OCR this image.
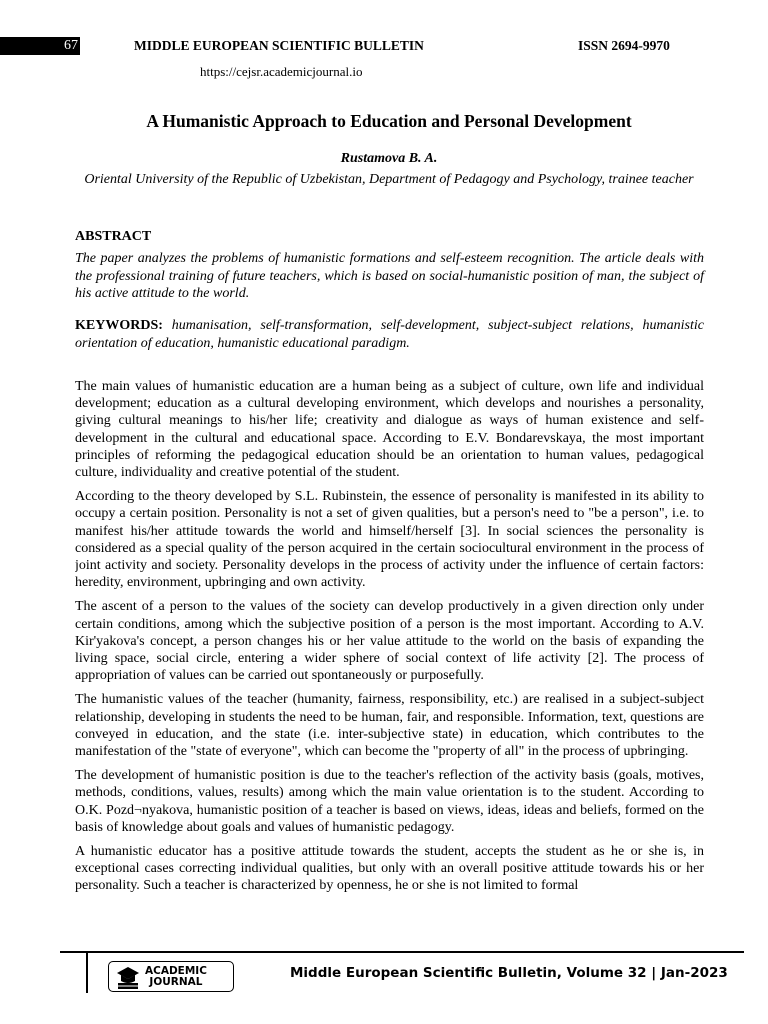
67	MIDDLE EUROPEAN SCIENTIFIC BULLETIN	ISSN 2694-9970
https://cejsr.academicjournal.io
A Humanistic Approach to Education and Personal Development
Rustamova B. A.
Oriental University of the Republic of Uzbekistan, Department of Pedagogy and Psychology, trainee teacher
ABSTRACT
The paper analyzes the problems of humanistic formations and self-esteem recognition. The article deals with the professional training of future teachers, which is based on social-humanistic position of man, the subject of his active attitude to the world.
KEYWORDS: humanisation, self-transformation, self-development, subject-subject relations, humanistic orientation of education, humanistic educational paradigm.

The main values of humanistic education are a human being as a subject of culture, own life and individual development; education as a cultural developing environment, which develops and nourishes a personality, giving cultural meanings to his/her life; creativity and dialogue as ways of human existence and self-development in the cultural and educational space. According to E.V. Bondarevskaya, the most important principles of reforming the pedagogical education should be an orientation to human values, pedagogical culture, individuality and creative potential of the student.

According to the theory developed by S.L. Rubinstein, the essence of personality is manifested in its ability to occupy a certain position. Personality is not a set of given qualities, but a person's need to "be a person", i.e. to manifest his/her attitude towards the world and himself/herself [3]. In social sciences the personality is considered as a special quality of the person acquired in the certain sociocultural environment in the process of joint activity and society. Personality develops in the process of activity under the influence of certain factors: heredity, environment, upbringing and own activity.

The ascent of a person to the values of the society can develop productively in a given direction only under certain conditions, among which the subjective position of a person is the most important. According to A.V. Kir'yakova's concept, a person changes his or her value attitude to the world on the basis of expanding the living space, social circle, entering a wider sphere of social context of life activity [2]. The process of appropriation of values can be carried out spontaneously or purposefully.

The humanistic values of the teacher (humanity, fairness, responsibility, etc.) are realised in a subject-subject relationship, developing in students the need to be human, fair, and responsible. Information, text, questions are conveyed in education, and the state (i.e. inter-subjective state) in education, which contributes to the manifestation of the "state of everyone", which can become the "property of all" in the process of upbringing.

The development of humanistic position is due to the teacher's reflection of the activity basis (goals, motives, methods, conditions, values, results) among which the main value orientation is to the student. According to O.K. Pozd¬nyakova, humanistic position of a teacher is based on views, ideas, ideas and beliefs, formed on the basis of knowledge about goals and values of humanistic pedagogy.

A humanistic educator has a positive attitude towards the student, accepts the student as he or she is, in exceptional cases correcting individual qualities, but only with an overall positive attitude towards his or her personality. Such a teacher is characterized by openness, he or she is not limited to formal

ACADEMIC
JOURNAL
Middle European Scientific Bulletin, Volume 32 | Jan-2023
